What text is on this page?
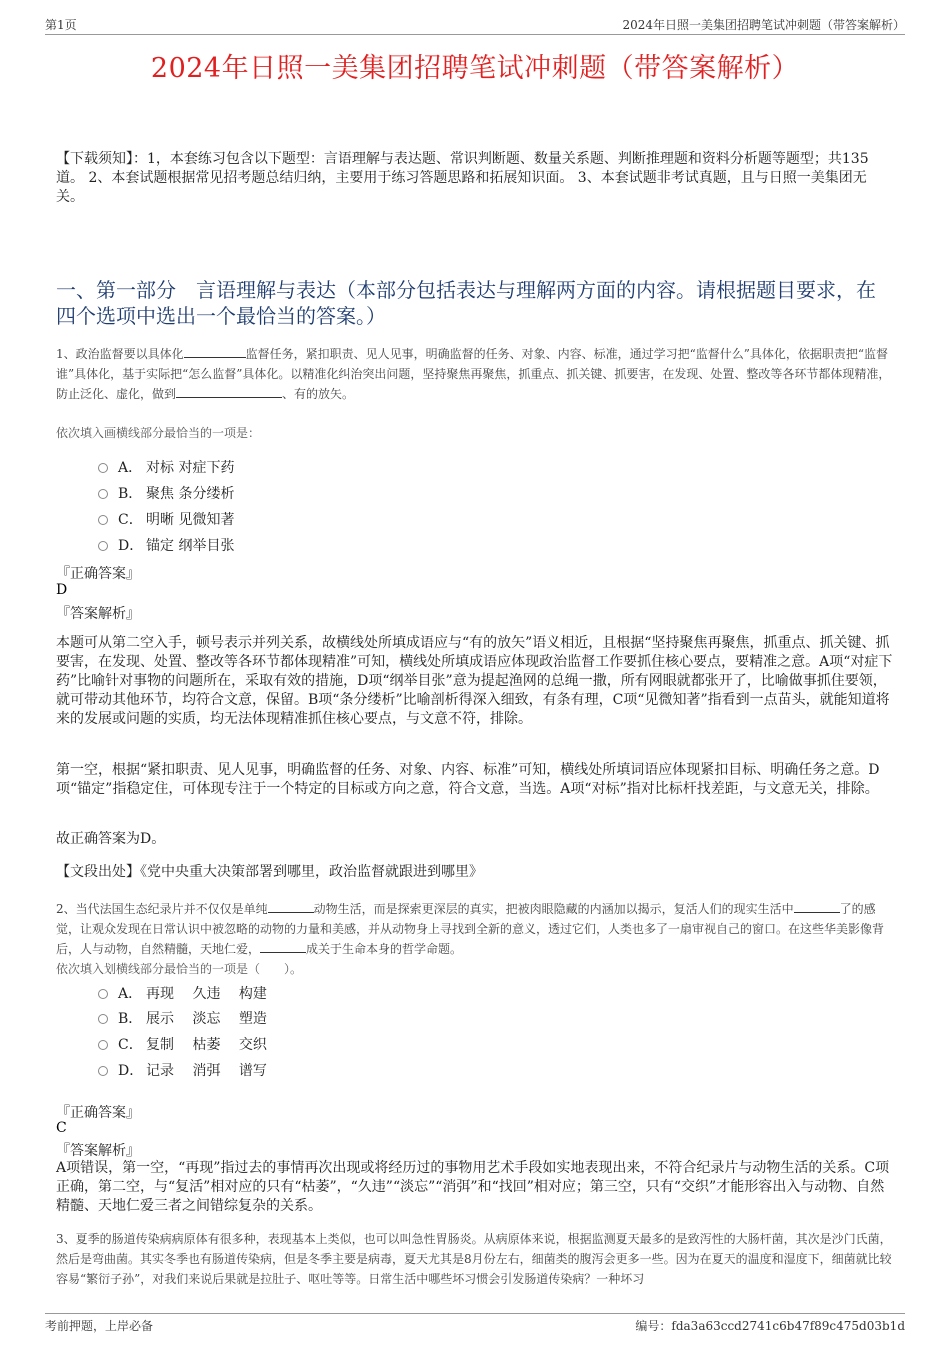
第1页	2024年日照一美集团招聘笔试冲刺题（带答案解析）
2024年日照一美集团招聘笔试冲刺题（带答案解析）
【下载须知】：1，本套练习包含以下题型：言语理解与表达题、常识判断题、数量关系题、判断推理题和资料分析题等题型；共135道。 2、本套试题根据常见招考题总结归纳，主要用于练习答题思路和拓展知识面。 3、本套试题非考试真题，且与日照一美集团无关。
一、第一部分　言语理解与表达（本部分包括表达与理解两方面的内容。请根据题目要求，在四个选项中选出一个最恰当的答案。）
1、政治监督要以具体化	监督任务，紧扣职责、见人见事，明确监督的任务、对象、内容、标准，通过学习把“监督什么”具体化，依据职责把“监督谁”具体化，基于实际把“怎么监督”具体化。以精准化纠治突出问题，坚持聚焦再聚焦，抓重点、抓关键、抓要害，在发现、处置、整改等各环节都体现精准，防止泛化、虚化，做到	、有的放矢。
依次填入画横线部分最恰当的一项是：
A． 对标 对症下药
B． 聚焦 条分缕析
C． 明晰 见微知著
D． 锚定 纲举目张
『正确答案』
D
『答案解析』
本题可从第二空入手，顿号表示并列关系，故横线处所填成语应与“有的放矢”语义相近，且根据“坚持聚焦再聚焦，抓重点、抓关键、抓要害，在发现、处置、整改等各环节都体现精准”可知，横线处所填成语应体现政治监督工作要抓住核心要点，要精准之意。A项“对症下药”比喻针对事物的问题所在，采取有效的措施，D项“纲举目张”意为提起渔网的总绳一撒，所有网眼就都张开了，比喻做事抓住要领，就可带动其他环节，均符合文意，保留。B项“条分缕析”比喻剖析得深入细致，有条有理，C项“见微知著”指看到一点苗头，就能知道将来的发展或问题的实质，均无法体现精准抓住核心要点，与文意不符，排除。
第一空，根据“紧扣职责、见人见事，明确监督的任务、对象、内容、标准”可知，横线处所填词语应体现紧扣目标、明确任务之意。D项“锚定”指稳定住，可体现专注于一个特定的目标或方向之意，符合文意，当选。A项“对标”指对比标杆找差距，与文意无关，排除。
故正确答案为D。
【文段出处】《党中央重大决策部署到哪里，政治监督就跟进到哪里》
2、当代法国生态纪录片并不仅仅是单纯	动物生活，而是探索更深层的真实，把被肉眼隐藏的内涵加以揭示，复活人们的现实生活中	了的感觉，让观众发现在日常认识中被忽略的动物的力量和美感，并从动物身上寻找到全新的意义，透过它们，人类也多了一扇审视自己的窗口。在这些华美影像背后，人与动物，自然精髓，天地仁爱，	成关于生命本身的哲学命题。
依次填入划横线部分最恰当的一项是（　　）。
A． 再现　 久违　 构建
B． 展示　 淡忘　 塑造
C． 复制　 枯萎　 交织
D． 记录　 消弭　 谱写
『正确答案』
C
『答案解析』
A项错误，第一空，“再现”指过去的事情再次出现或将经历过的事物用艺术手段如实地表现出来，不符合纪录片与动物生活的关系。C项正确，第二空，与“复活”相对应的只有“枯萎”，“久违”“淡忘”“消弭”和“找回”相对应；第三空，只有“交织”才能形容出入与动物、自然精髓、天地仁爱三者之间错综复杂的关系。
3、夏季的肠道传染病病原体有很多种，表现基本上类似，也可以叫急性胃肠炎。从病原体来说，根据监测夏天最多的是致泻性的大肠杆菌，其次是沙门氏菌，然后是弯曲菌。其实冬季也有肠道传染病，但是冬季主要是病毒，夏天尤其是8月份左右，细菌类的腹泻会更多一些。因为在夏天的温度和湿度下，细菌就比较容易“繁衍子孙”，对我们来说后果就是拉肚子、呕吐等等。日常生活中哪些坏习惯会引发肠道传染病？一种坏习
考前押题，上岸必备	编号：fda3a63ccd2741c6b47f89c475d03b1d
